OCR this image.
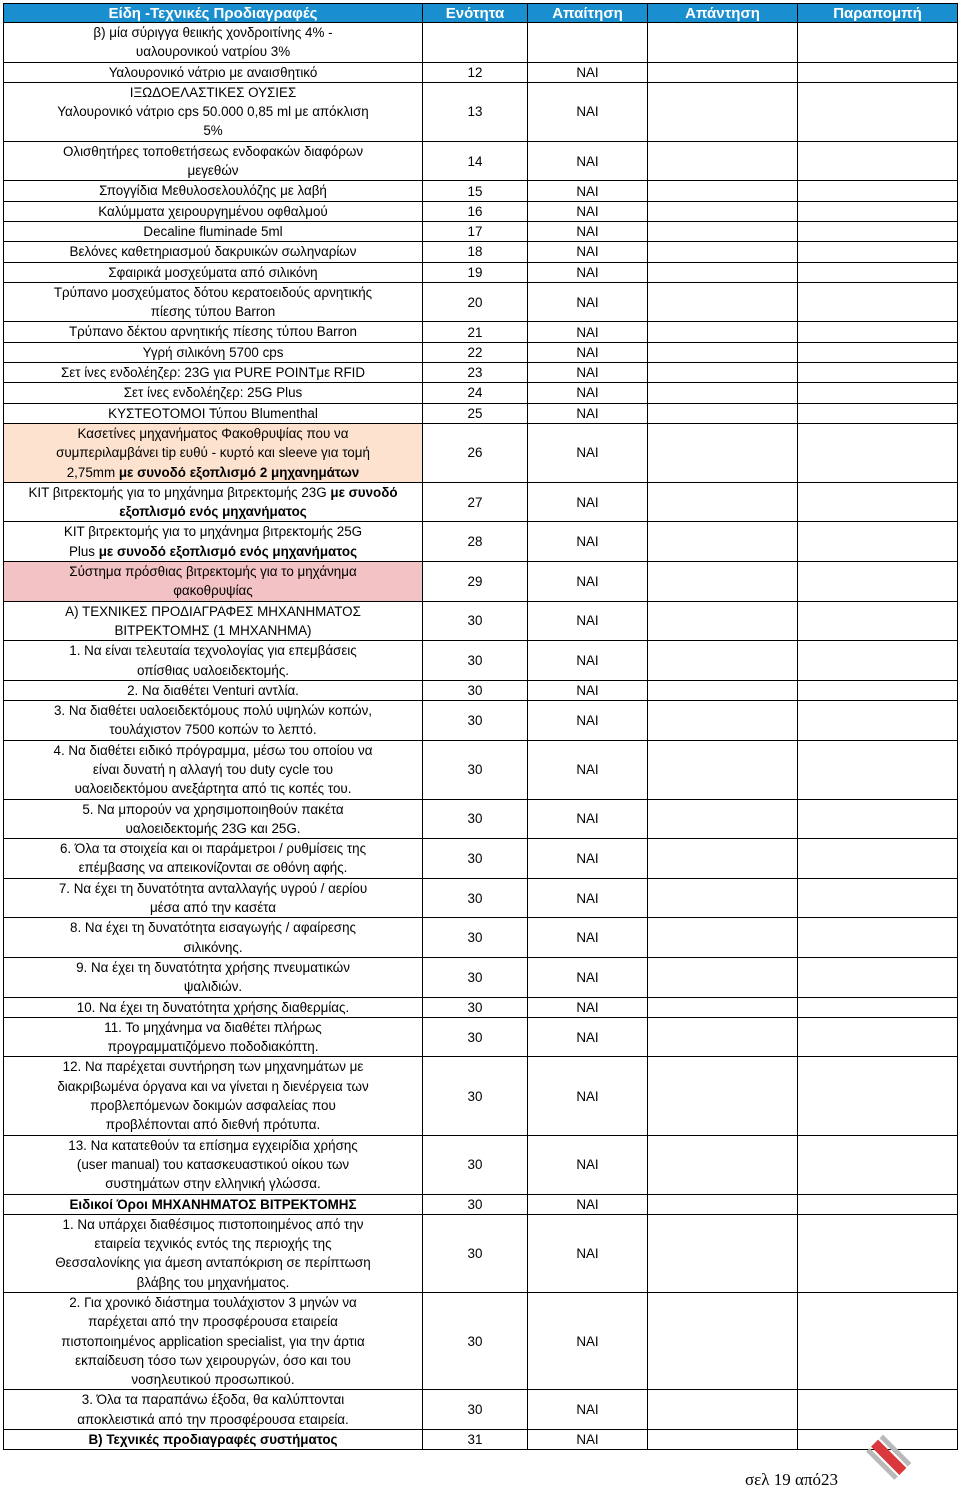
Είδη -Τεχνικές Προδιαγραφές	Ενότητα	Απαίτηση	Απάντηση	Παραπομπή
β) μία σύριγγα θειικής χονδροιτίνης 4% -
υαλουρονικού νατρίου 3%				
Υαλουρονικό νάτριο με αναισθητικό	12	ΝΑΙ		
ΙΞΩΔΟΕΛΑΣΤΙΚΕΣ ΟΥΣΙΕΣ
Υαλουρονικό νάτριο cps 50.000 0,85 ml με απόκλιση
5%	13	ΝΑΙ		
Ολισθητήρες τοποθετήσεως ενδοφακών διαφόρων
μεγεθών	14	ΝΑΙ		
Σπογγίδια Μεθυλοσελουλόζης με λαβή	15	ΝΑΙ		
Καλύμματα χειρουργημένου οφθαλμού	16	ΝΑΙ		
Decaline fluminade 5ml	17	ΝΑΙ		
Βελόνες καθετηριασμού δακρυικών σωληναρίων	18	ΝΑΙ		
Σφαιρικά μοσχεύματα από σιλικόνη	19	ΝΑΙ		
Τρύπανο μοσχεύματος δότου κερατοειδούς αρνητικής
πίεσης τύπου Barron	20	ΝΑΙ		
Τρύπανο δέκτου αρνητικής πίεσης τύπου Barron	21	ΝΑΙ		
Υγρή σιλικόνη 5700 cps	22	ΝΑΙ		
Σετ ίνες ενδολέηζερ: 23G για PURE POINTμε RFID	23	ΝΑΙ		
Σετ ίνες ενδολέηζερ: 25G Plus	24	ΝΑΙ		
ΚΥΣΤΕΟΤΟΜΟΙ Τύπου Blumenthal	25	ΝΑΙ		
Κασετίνες μηχανήματος Φακοθρυψίας που να
συμπεριλαμβάνει tip ευθύ - κυρτό και sleeve για τομή
2,75mm με συνοδό εξοπλισμό 2 μηχανημάτων	26	ΝΑΙ		
ΚΙΤ βιτρεκτομής για το μηχάνημα βιτρεκτομής 23G με συνοδό εξοπλισμό ενός μηχανήματος	27	ΝΑΙ		
ΚΙΤ βιτρεκτομής για το μηχάνημα βιτρεκτομής 25G
Plus με συνοδό εξοπλισμό ενός μηχανήματος	28	ΝΑΙ		
Σύστημα πρόσθιας βιτρεκτομής για το μηχάνημα
φακοθρυψίας	29	ΝΑΙ		
Α) ΤΕΧΝΙΚΕΣ ΠΡΟΔΙΑΓΡΑΦΕΣ ΜΗΧΑΝΗΜΑΤΟΣ
ΒΙΤΡΕΚΤΟΜΗΣ (1 ΜΗΧΑΝΗΜΑ)	30	ΝΑΙ		
1. Να είναι τελευταία τεχνολογίας για επεμβάσεις
οπίσθιας υαλοειδεκτομής.	30	ΝΑΙ		
2. Να διαθέτει Venturi αντλία.	30	ΝΑΙ		
3. Να διαθέτει υαλοειδεκτόμους πολύ υψηλών κοπών,
τουλάχιστον 7500 κοπών το λεπτό.	30	ΝΑΙ		
4. Να διαθέτει ειδικό πρόγραμμα, μέσω του οποίου να
είναι δυνατή η αλλαγή του duty cycle του
υαλοειδεκτόμου ανεξάρτητα από τις κοπές του.	30	ΝΑΙ		
5. Να μπορούν να χρησιμοποιηθούν πακέτα
υαλοειδεκτομής 23G και 25G.	30	ΝΑΙ		
6. Όλα τα στοιχεία και οι παράμετροι / ρυθμίσεις της
επέμβασης να απεικονίζονται σε οθόνη αφής.	30	ΝΑΙ		
7. Να έχει τη δυνατότητα ανταλλαγής υγρού / αερίου
μέσα από την κασέτα	30	ΝΑΙ		
8. Να έχει τη δυνατότητα εισαγωγής / αφαίρεσης
σιλικόνης.	30	ΝΑΙ		
9. Να έχει τη δυνατότητα χρήσης πνευματικών
ψαλιδιών.	30	ΝΑΙ		
10. Να έχει τη δυνατότητα χρήσης διαθερμίας.	30	ΝΑΙ		
11. Το μηχάνημα να διαθέτει πλήρως
προγραμματιζόμενο ποδοδιακόπτη.	30	ΝΑΙ		
12. Να παρέχεται συντήρηση των μηχανημάτων με
διακριβωμένα όργανα και να γίνεται η διενέργεια των
προβλεπόμενων δοκιμών ασφαλείας που
προβλέπονται από διεθνή πρότυπα.	30	ΝΑΙ		
13. Να κατατεθούν τα επίσημα εγχειρίδια χρήσης
(user manual) του κατασκευαστικού οίκου των
συστημάτων στην ελληνική γλώσσα.	30	ΝΑΙ		
Ειδικοί Όροι ΜΗΧΑΝΗΜΑΤΟΣ ΒΙΤΡΕΚΤΟΜΗΣ	30	ΝΑΙ		
1. Να υπάρχει διαθέσιμος πιστοποιημένος από την
εταιρεία τεχνικός εντός της περιοχής της
Θεσσαλονίκης για άμεση ανταπόκριση σε περίπτωση
βλάβης του μηχανήματος.	30	ΝΑΙ		
2. Για χρονικό διάστημα τουλάχιστον 3 μηνών να
παρέχεται από την προσφέρουσα εταιρεία
πιστοποιημένος application specialist, για την άρτια
εκπαίδευση τόσο των χειρουργών, όσο και του
νοσηλευτικού προσωπικού.	30	ΝΑΙ		
3. Όλα τα παραπάνω έξοδα, θα καλύπτονται
αποκλειστικά από την προσφέρουσα εταιρεία.	30	ΝΑΙ		
Β) Τεχνικές προδιαγραφές συστήματος	31	ΝΑΙ		
σελ 19 από23
